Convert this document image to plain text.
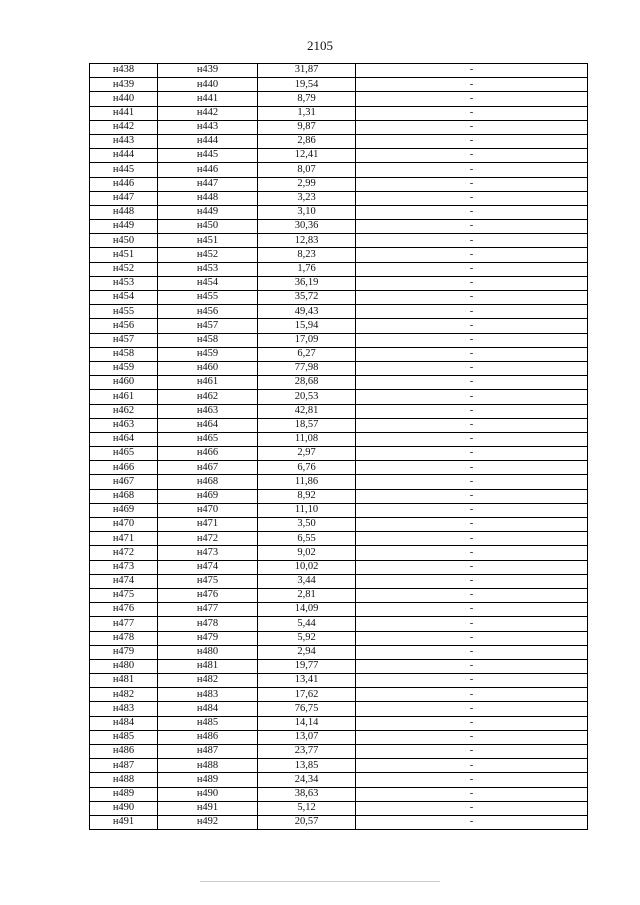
2105
н438	н439	31,87	-
н439	н440	19,54	-
н440	н441	8,79	-
н441	н442	1,31	-
н442	н443	9,87	-
н443	н444	2,86	-
н444	н445	12,41	-
н445	н446	8,07	-
н446	н447	2,99	-
н447	н448	3,23	-
н448	н449	3,10	-
н449	н450	30,36	-
н450	н451	12,83	-
н451	н452	8,23	-
н452	н453	1,76	-
н453	н454	36,19	-
н454	н455	35,72	-
н455	н456	49,43	-
н456	н457	15,94	-
н457	н458	17,09	-
н458	н459	6,27	-
н459	н460	77,98	-
н460	н461	28,68	-
н461	н462	20,53	-
н462	н463	42,81	-
н463	н464	18,57	-
н464	н465	11,08	-
н465	н466	2,97	-
н466	н467	6,76	-
н467	н468	11,86	-
н468	н469	8,92	-
н469	н470	11,10	-
н470	н471	3,50	-
н471	н472	6,55	-
н472	н473	9,02	-
н473	н474	10,02	-
н474	н475	3,44	-
н475	н476	2,81	-
н476	н477	14,09	-
н477	н478	5,44	-
н478	н479	5,92	-
н479	н480	2,94	-
н480	н481	19,77	-
н481	н482	13,41	-
н482	н483	17,62	-
н483	н484	76,75	-
н484	н485	14,14	-
н485	н486	13,07	-
н486	н487	23,77	-
н487	н488	13,85	-
н488	н489	24,34	-
н489	н490	38,63	-
н490	н491	5,12	-
н491	н492	20,57	-
